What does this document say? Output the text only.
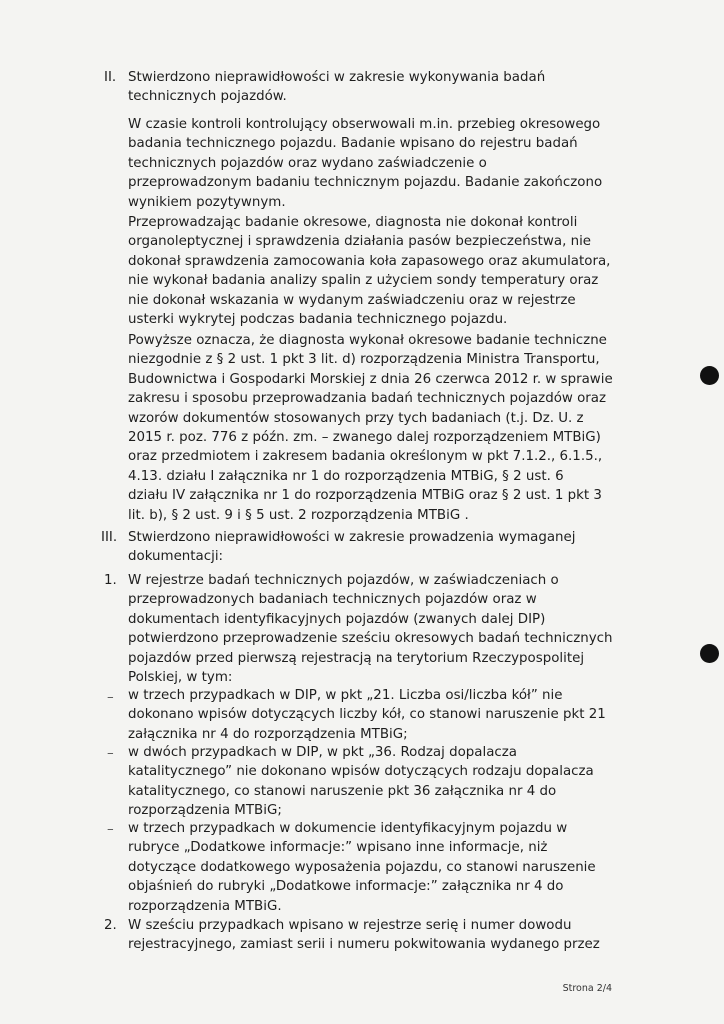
II. Stwierdzono nieprawidłowości w zakresie wykonywania badań
technicznych pojazdów.
W czasie kontroli kontrolujący obserwowali m.in. przebieg okresowego
badania technicznego pojazdu. Badanie wpisano do rejestru badań
technicznych pojazdów oraz wydano zaświadczenie o
przeprowadzonym badaniu technicznym pojazdu. Badanie zakończono
wynikiem pozytywnym.
Przeprowadzając badanie okresowe, diagnosta nie dokonał kontroli
organoleptycznej i sprawdzenia działania pasów bezpieczeństwa, nie
dokonał sprawdzenia zamocowania koła zapasowego oraz akumulatora,
nie wykonał badania analizy spalin z użyciem sondy temperatury oraz
nie dokonał wskazania w wydanym zaświadczeniu oraz w rejestrze
usterki wykrytej podczas badania technicznego pojazdu.
Powyższe oznacza, że diagnosta wykonał okresowe badanie techniczne
niezgodnie z § 2 ust. 1 pkt 3 lit. d) rozporządzenia Ministra Transportu,
Budownictwa i Gospodarki Morskiej z dnia 26 czerwca 2012 r. w sprawie
zakresu i sposobu przeprowadzania badań technicznych pojazdów oraz
wzorów dokumentów stosowanych przy tych badaniach (t.j. Dz. U. z
2015 r. poz. 776 z późn. zm. – zwanego dalej rozporządzeniem MTBiG)
oraz przedmiotem i zakresem badania określonym w pkt 7.1.2., 6.1.5.,
4.13. działu I załącznika nr 1 do rozporządzenia MTBiG, § 2 ust. 6
działu IV załącznika nr 1 do rozporządzenia MTBiG oraz § 2 ust. 1 pkt 3
lit. b), § 2 ust. 9 i § 5 ust. 2 rozporządzenia MTBiG .
III. Stwierdzono nieprawidłowości w zakresie prowadzenia wymaganej
dokumentacji:
1. W rejestrze badań technicznych pojazdów, w zaświadczeniach o
przeprowadzonych badaniach technicznych pojazdów oraz w
dokumentach identyfikacyjnych pojazdów (zwanych dalej DIP)
potwierdzono przeprowadzenie sześciu okresowych badań technicznych
pojazdów przed pierwszą rejestracją na terytorium Rzeczypospolitej
Polskiej, w tym:
– w trzech przypadkach w DIP, w pkt „21. Liczba osi/liczba kół” nie
dokonano wpisów dotyczących liczby kół, co stanowi naruszenie pkt 21
załącznika nr 4 do rozporządzenia MTBiG;
– w dwóch przypadkach w DIP, w pkt „36. Rodzaj dopalacza
katalitycznego” nie dokonano wpisów dotyczących rodzaju dopalacza
katalitycznego, co stanowi naruszenie pkt 36 załącznika nr 4 do
rozporządzenia MTBiG;
– w trzech przypadkach w dokumencie identyfikacyjnym pojazdu w
rubryce „Dodatkowe informacje:” wpisano inne informacje, niż
dotyczące dodatkowego wyposażenia pojazdu, co stanowi naruszenie
objaśnień do rubryki „Dodatkowe informacje:” załącznika nr 4 do
rozporządzenia MTBiG.
2. W sześciu przypadkach wpisano w rejestrze serię i numer dowodu
rejestracyjnego, zamiast serii i numeru pokwitowania wydanego przez
Strona 2/4
